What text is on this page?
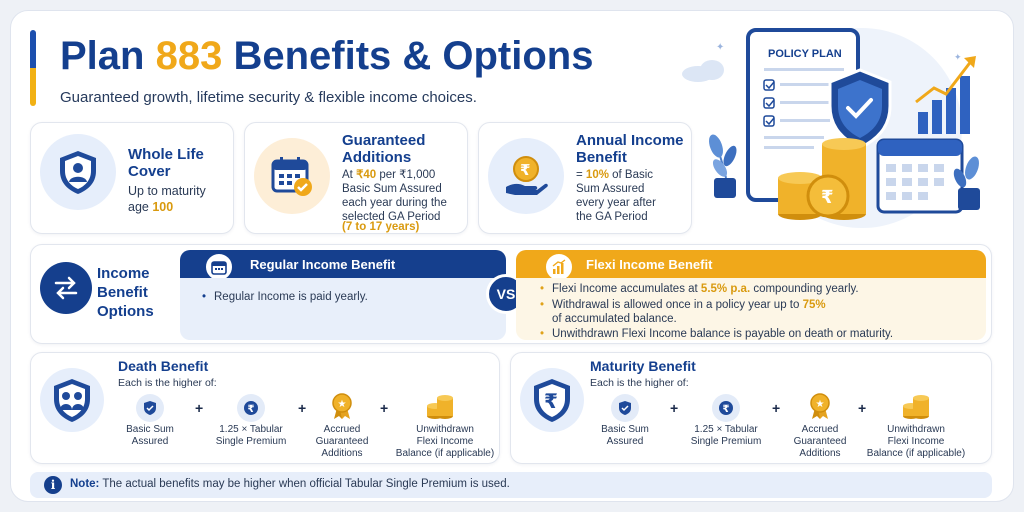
Plan 883 Benefits & Options
Guaranteed growth, lifetime security & flexible income choices.
✦
✦
POLICY PLAN
₹
Whole Life Cover
Up to maturity
age 100
Guaranteed Additions
At ₹40 per ₹1,000
Basic Sum Assured
each year during the
selected GA Period
(7 to 17 years)
₹
Annual Income Benefit
= 10% of Basic
Sum Assured
every year after
the GA Period
Income Benefit Options
Regular Income Benefit
• Regular Income is paid yearly.	VS
Flexi Income Benefit
• Flexi Income accumulates at 5.5% p.a. compounding yearly.
• Withdrawal is allowed once in a policy year up to 75%
of accumulated balance.
• Unwithdrawn Flexi Income balance is payable on death or maturity.
Death Benefit
Each is the higher of:
Basic Sum
Assured
+	₹
1.25 × Tabular
Single Premium
+	★
Accrued
Guaranteed
Additions
+
Unwithdrawn
Flexi Income
Balance (if applicable)
₹
Maturity Benefit
Each is the higher of:
Basic Sum
Assured
+	₹
1.25 × Tabular
Single Premium
+	★
Accrued
Guaranteed
Additions
+
Unwithdrawn
Flexi Income
Balance (if applicable)
i	Note: The actual benefits may be higher when official Tabular Single Premium is used.
